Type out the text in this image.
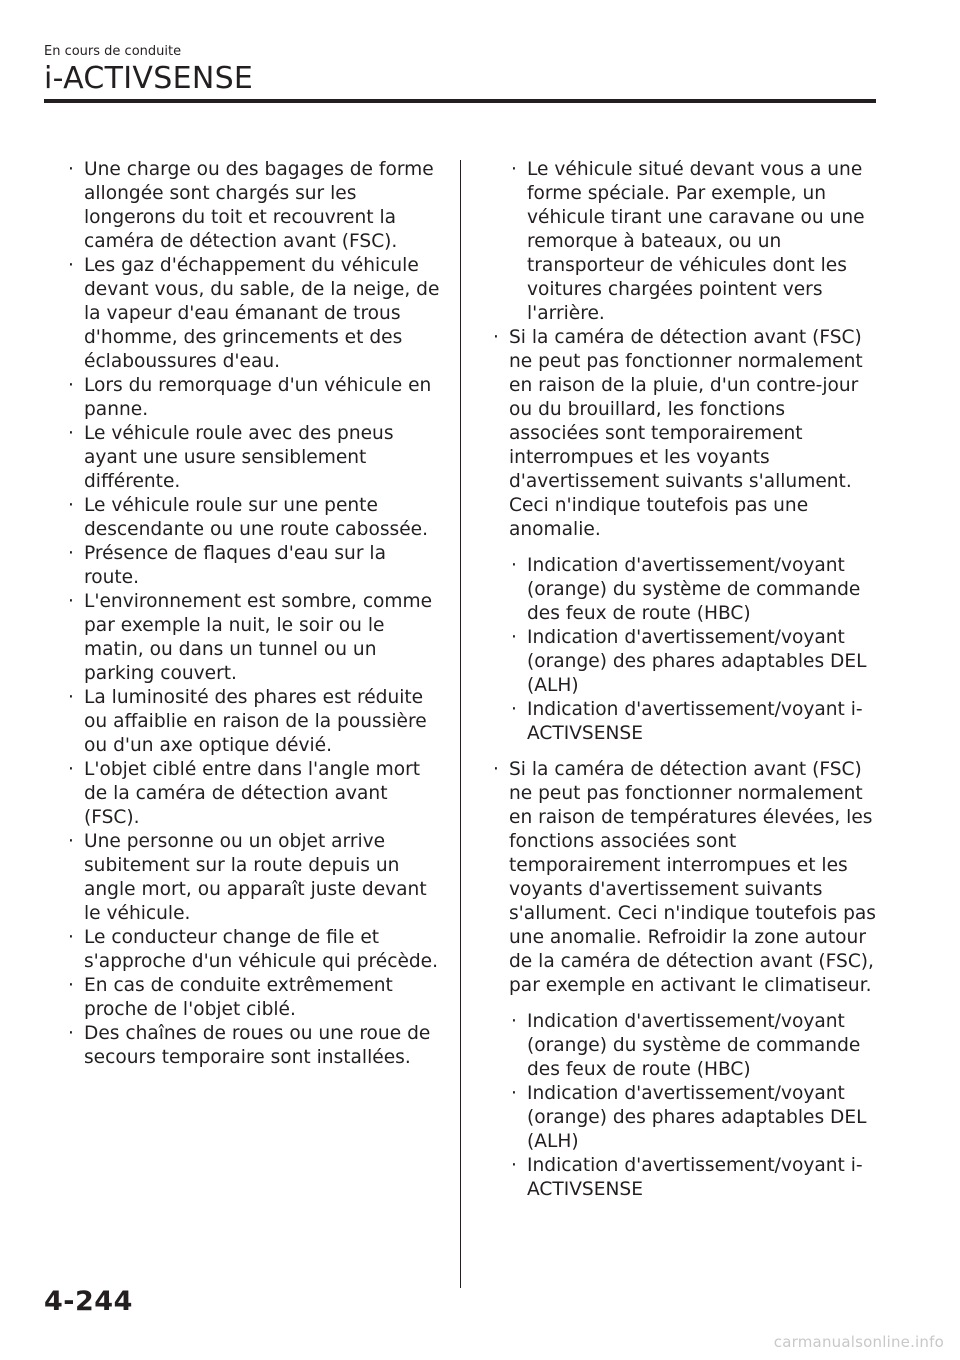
En cours de conduite
i-ACTIVSENSE
· Une charge ou des bagages de forme allongée sont chargés sur les longerons du toit et recouvrent la caméra de détection avant (FSC).
· Les gaz d'échappement du véhicule devant vous, du sable, de la neige, de la vapeur d'eau émanant de trous d'homme, des grincements et des éclaboussures d'eau.
· Lors du remorquage d'un véhicule en panne.
· Le véhicule roule avec des pneus ayant une usure sensiblement différente.
· Le véhicule roule sur une pente descendante ou une route cabossée.
· Présence de flaques d'eau sur la route.
· L'environnement est sombre, comme par exemple la nuit, le soir ou le matin, ou dans un tunnel ou un parking couvert.
· La luminosité des phares est réduite ou affaiblie en raison de la poussière ou d'un axe optique dévié.
· L'objet ciblé entre dans l'angle mort de la caméra de détection avant (FSC).
· Une personne ou un objet arrive subitement sur la route depuis un angle mort, ou apparaît juste devant le véhicule.
· Le conducteur change de file et s'approche d'un véhicule qui précède.
· En cas de conduite extrêmement proche de l'objet ciblé.
· Des chaînes de roues ou une roue de secours temporaire sont installées.
· Le véhicule situé devant vous a une forme spéciale. Par exemple, un véhicule tirant une caravane ou une remorque à bateaux, ou un transporteur de véhicules dont les voitures chargées pointent vers l'arrière.
· Si la caméra de détection avant (FSC) ne peut pas fonctionner normalement en raison de la pluie, d'un contre-jour ou du brouillard, les fonctions associées sont temporairement interrompues et les voyants d'avertissement suivants s'allument. Ceci n'indique toutefois pas une anomalie.
· Indication d'avertissement/voyant (orange) du système de commande des feux de route (HBC)
· Indication d'avertissement/voyant (orange) des phares adaptables DEL (ALH)
· Indication d'avertissement/voyant i-ACTIVSENSE
· Si la caméra de détection avant (FSC) ne peut pas fonctionner normalement en raison de températures élevées, les fonctions associées sont temporairement interrompues et les voyants d'avertissement suivants s'allument. Ceci n'indique toutefois pas une anomalie. Refroidir la zone autour de la caméra de détection avant (FSC), par exemple en activant le climatiseur.
· Indication d'avertissement/voyant (orange) du système de commande des feux de route (HBC)
· Indication d'avertissement/voyant (orange) des phares adaptables DEL (ALH)
· Indication d'avertissement/voyant i-ACTIVSENSE
4-244
carmanualsonline.info
